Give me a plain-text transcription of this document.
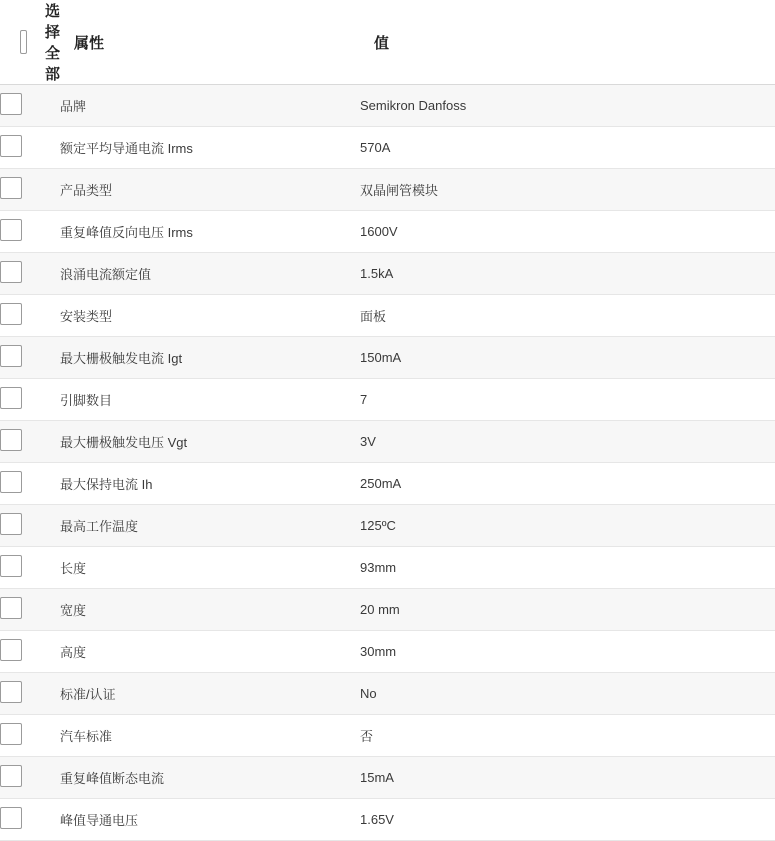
选择全部	属性	值
	品牌	Semikron Danfoss
	额定平均导通电流 Irms	570A
	产品类型	双晶闸管模块
	重复峰值反向电压 Irms	1600V
	浪涌电流额定值	1.5kA
	安装类型	面板
	最大栅极触发电流 Igt	150mA
	引脚数目	7
	最大栅极触发电压 Vgt	3V
	最大保持电流 Ih	250mA
	最高工作温度	125ºC
	长度	93mm
	宽度	20 mm
	高度	30mm
	标准/认证	No
	汽车标准	否
	重复峰值断态电流	15mA
	峰值导通电压	1.65V
